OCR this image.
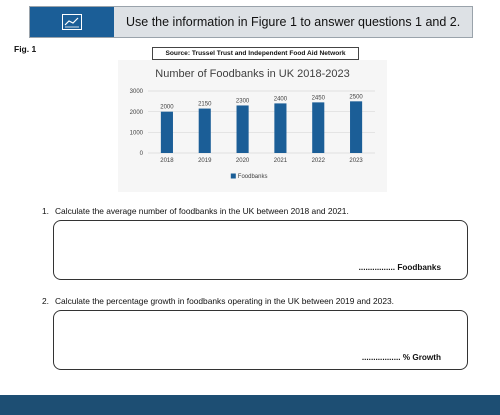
Use the information in Figure 1 to answer questions 1 and 2.
Fig. 1	Source: Trussel Trust and Independent Food Aid Network
Number of Foodbanks in UK 2018-2023
0
1000
2000
3000
2000
2018
2150
2019
2300
2020
2400
2021
2450
2022
2500
2023
Foodbanks
1. Calculate the average number of foodbanks in the UK between 2018 and 2021.
................ Foodbanks
2. Calculate the percentage growth in foodbanks operating in the UK between 2019 and 2023.
................. % Growth
